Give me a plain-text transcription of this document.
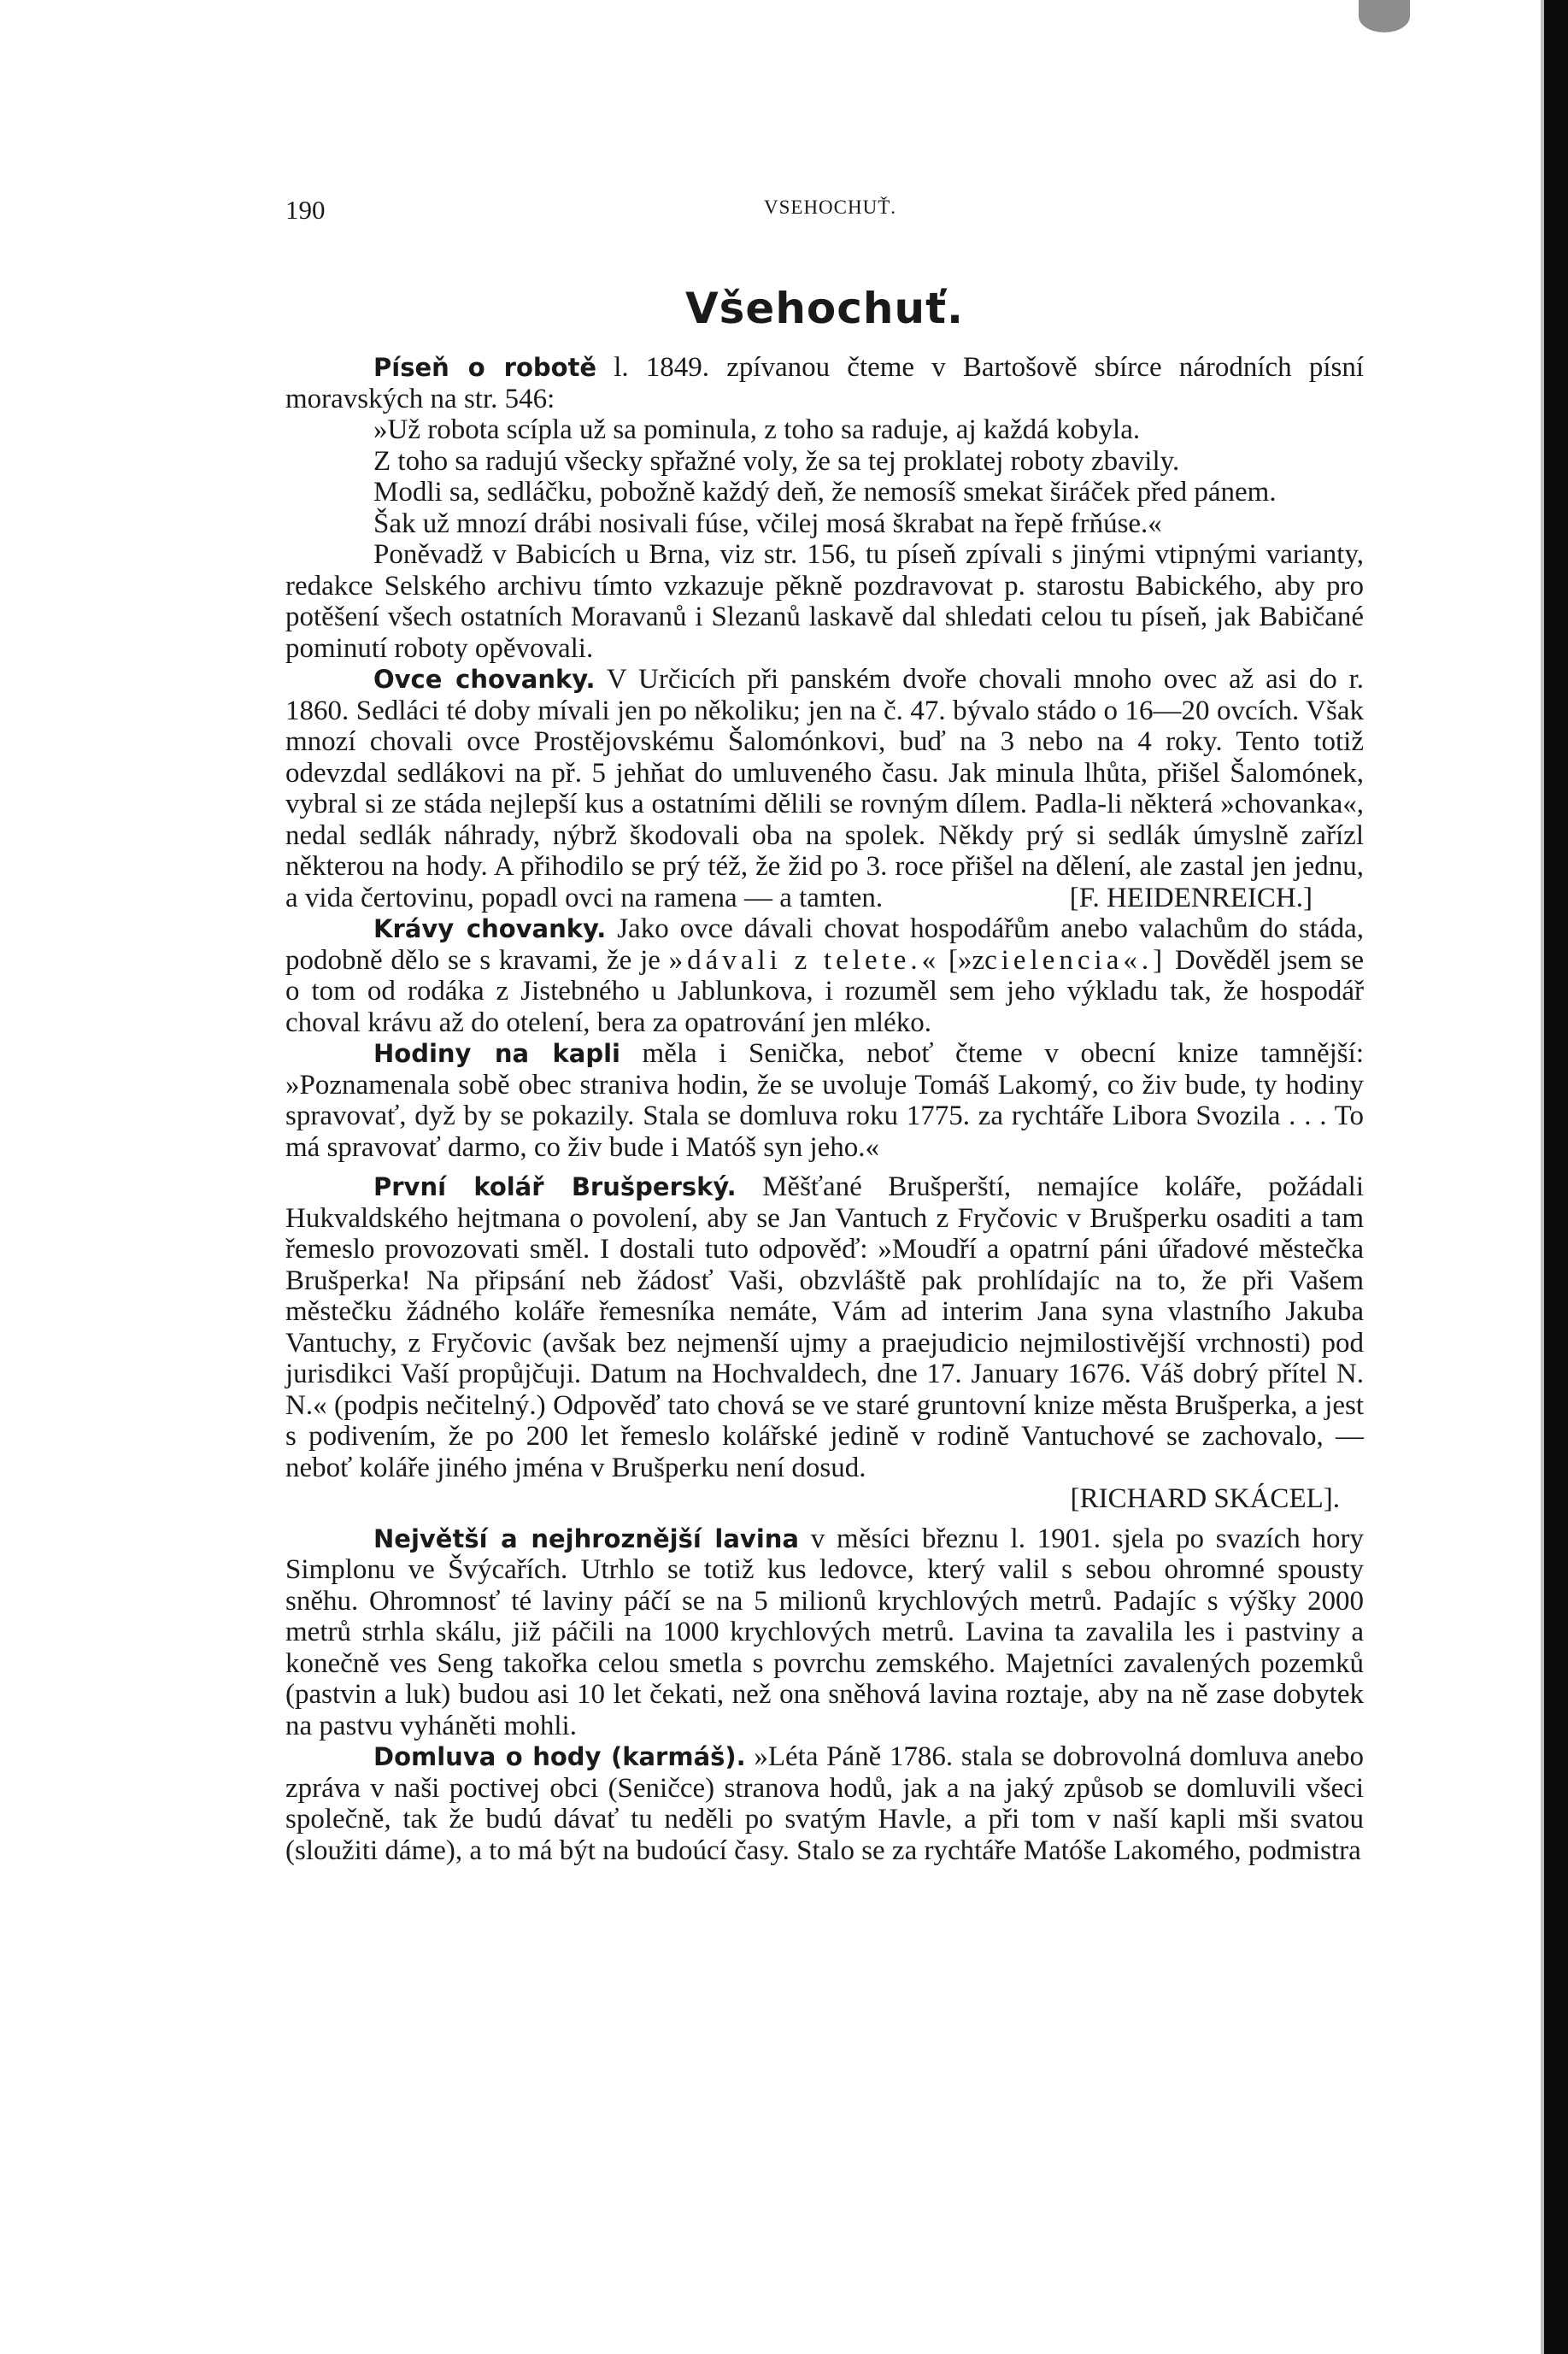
190	VSEHOCHUŤ.
Všehochuť.

Píseň o robotě l. 1849. zpívanou čteme v Bartošově sbírce národních písní moravských na str. 546:

»Už robota scípla už sa pominula, z toho sa raduje, aj každá kobyla.

Z toho sa radujú všecky spřažné voly, že sa tej proklatej roboty zbavily.

Modli sa, sedláčku, pobožně každý deň, že nemosíš smekat širáček před pánem.

Šak už mnozí drábi nosivali fúse, včilej mosá škrabat na řepě frňúse.«

Poněvadž v Babicích u Brna, viz str. 156, tu píseň zpívali s jinými vtipnými varianty, redakce Selského archivu tímto vzkazuje pěkně pozdravovat p. starostu Babického, aby pro potěšení všech ostatních Moravanů i Slezanů laskavě dal shledati celou tu píseň, jak Babičané pominutí roboty opěvovali.

Ovce chovanky. V Určicích při panském dvoře chovali mnoho ovec až asi do r. 1860. Sedláci té doby mívali jen po několiku; jen na č. 47. bývalo stádo o 16—20 ovcích. Však mnozí chovali ovce Prostějovskému Šalomónkovi, buď na 3 nebo na 4 roky. Tento totiž odevzdal sedlákovi na př. 5 jehňat do umluveného času. Jak minula lhůta, přišel Šalomónek, vybral si ze stáda nejlepší kus a ostatními dělili se rovným dílem. Padla-li některá »chovanka«, nedal sedlák náhrady, nýbrž škodovali oba na spolek. Někdy prý si sedlák úmyslně zařízl některou na hody. A přihodilo se prý též, že žid po 3. roce přišel na dělení, ale zastal jen jednu, a vida čertovinu, popadl ovci na ramena — a tamten.	[F. HEIDENREICH.]

Krávy chovanky. Jako ovce dávali chovat hospodářům anebo valachům do stáda, podobně dělo se s kravami, že je »dávali z telete.« [»zcielencia«.] Dověděl jsem se o tom od rodáka z Jistebného u Jablunkova, i rozuměl sem jeho výkladu tak, že hospodář choval krávu až do otelení, bera za opatrování jen mléko.

Hodiny na kapli měla i Senička, neboť čteme v obecní knize tamnější: »Poznamenala sobě obec straniva hodin, že se uvoluje Tomáš Lakomý, co živ bude, ty hodiny spravovať, dyž by se pokazily. Stala se domluva roku 1775. za rychtáře Libora Svozila . . . To má spravovať darmo, co živ bude i Matóš syn jeho.«

První kolář Brušperský. Měšťané Brušperští, nemajíce koláře, požádali Hukvaldského hejtmana o povolení, aby se Jan Vantuch z Fryčovic v Brušperku osaditi a tam řemeslo provozovati směl. I dostali tuto odpověď: »Moudří a opatrní páni úřadové městečka Brušperka! Na připsání neb žádosť Vaši, obzvláště pak prohlídajíc na to, že při Vašem městečku žádného koláře řemesníka nemáte, Vám ad interim Jana syna vlastního Jakuba Vantuchy, z Fryčovic (avšak bez nejmenší ujmy a praejudicio nejmilostivější vrchnosti) pod jurisdikci Vaší propůjčuji. Datum na Hochvaldech, dne 17. January 1676. Váš dobrý přítel N. N.« (podpis nečitelný.) Odpověď tato chová se ve staré gruntovní knize města Brušperka, a jest s podivením, že po 200 let řemeslo kolářské jedině v rodině Vantuchové se zachovalo, — neboť koláře jiného jména v Brušperku není dosud.

[RICHARD SKÁCEL].

Největší a nejhroznější lavina v měsíci březnu l. 1901. sjela po svazích hory Simplonu ve Švýcařích. Utrhlo se totiž kus ledovce, který valil s sebou ohromné spousty sněhu. Ohromnosť té laviny páčí se na 5 milionů krychlových metrů. Padajíc s výšky 2000 metrů strhla skálu, již páčili na 1000 krychlových metrů. Lavina ta zavalila les i pastviny a konečně ves Seng takořka celou smetla s povrchu zemského. Majetníci zavalených pozemků (pastvin a luk) budou asi 10 let čekati, než ona sněhová lavina roztaje, aby na ně zase dobytek na pastvu vyháněti mohli.

Domluva o hody (karmáš). »Léta Páně 1786. stala se dobrovolná domluva anebo zpráva v naši poctivej obci (Seničce) stranova hodů, jak a na jaký způsob se domluvili všeci společně, tak že budú dávať tu neděli po svatým Havle, a při tom v naší kapli mši svatou (sloužiti dáme), a to má být na budoúcí časy. Stalo se za rychtáře Matóše Lakomého, podmistra
